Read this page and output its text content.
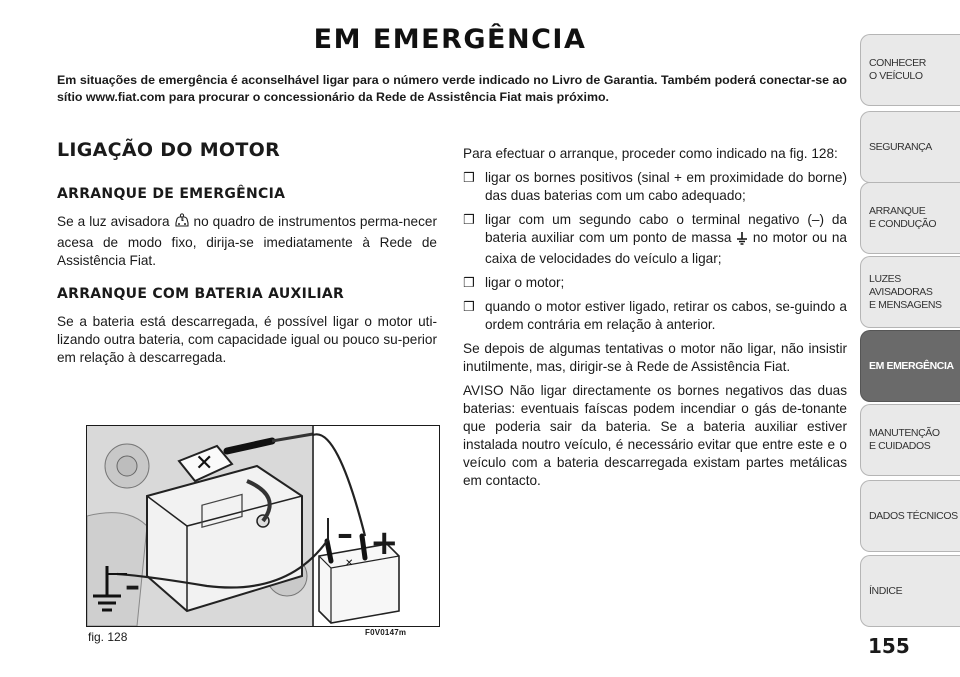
EM EMERGÊNCIA
Em situações de emergência é aconselhável ligar para o número verde indicado no Livro de Garantia. Também poderá conectar-se ao sítio www.fiat.com para procurar o concessionário da Rede de Assistência Fiat mais próximo.
LIGAÇÃO DO MOTOR
ARRANQUE DE EMERGÊNCIA
Se a luz avisadora  no quadro de instrumentos perma-necer acesa de modo fixo, dirija-se imediatamente à Rede de Assistência Fiat.
ARRANQUE COM BATERIA AUXILIAR
Se a bateria está descarregada, é possível ligar o motor uti-lizando outra bateria, com capacidade igual ou pouco su-perior em relação à descarregada.

Para efectuar o arranque, proceder como indicado na fig. 128:

❒ ligar os bornes positivos (sinal + em proximidade do borne) das duas baterias com um cabo adequado;
❒ ligar com um segundo cabo o terminal negativo (–) da bateria auxiliar com um ponto de massa  no motor ou na caixa de velocidades do veículo a ligar;
❒ ligar o motor;
❒ quando o motor estiver ligado, retirar os cabos, se-guindo a ordem contrária em relação à anterior.

Se depois de algumas tentativas o motor não ligar, não insistir inutilmente, mas, dirigir-se à Rede de Assistência Fiat.

AVISO Não ligar directamente os bornes negativos das duas baterias: eventuais faíscas podem incendiar o gás de-tonante que poderia sair da bateria. Se a bateria auxiliar estiver instalada noutro veículo, é necessário evitar que entre este e o veículo com a bateria descarregada existam partes metálicas em contacto.

✕
✕
– +
–
fig. 128	F0V0147m
CONHECER
O VEÍCULO
SEGURANÇA
ARRANQUE
E CONDUÇÃO
LUZES AVISADORAS
E MENSAGENS
EM EMERGÊNCIA
MANUTENÇÃO
E CUIDADOS
DADOS TÉCNICOS
ÍNDICE
155
